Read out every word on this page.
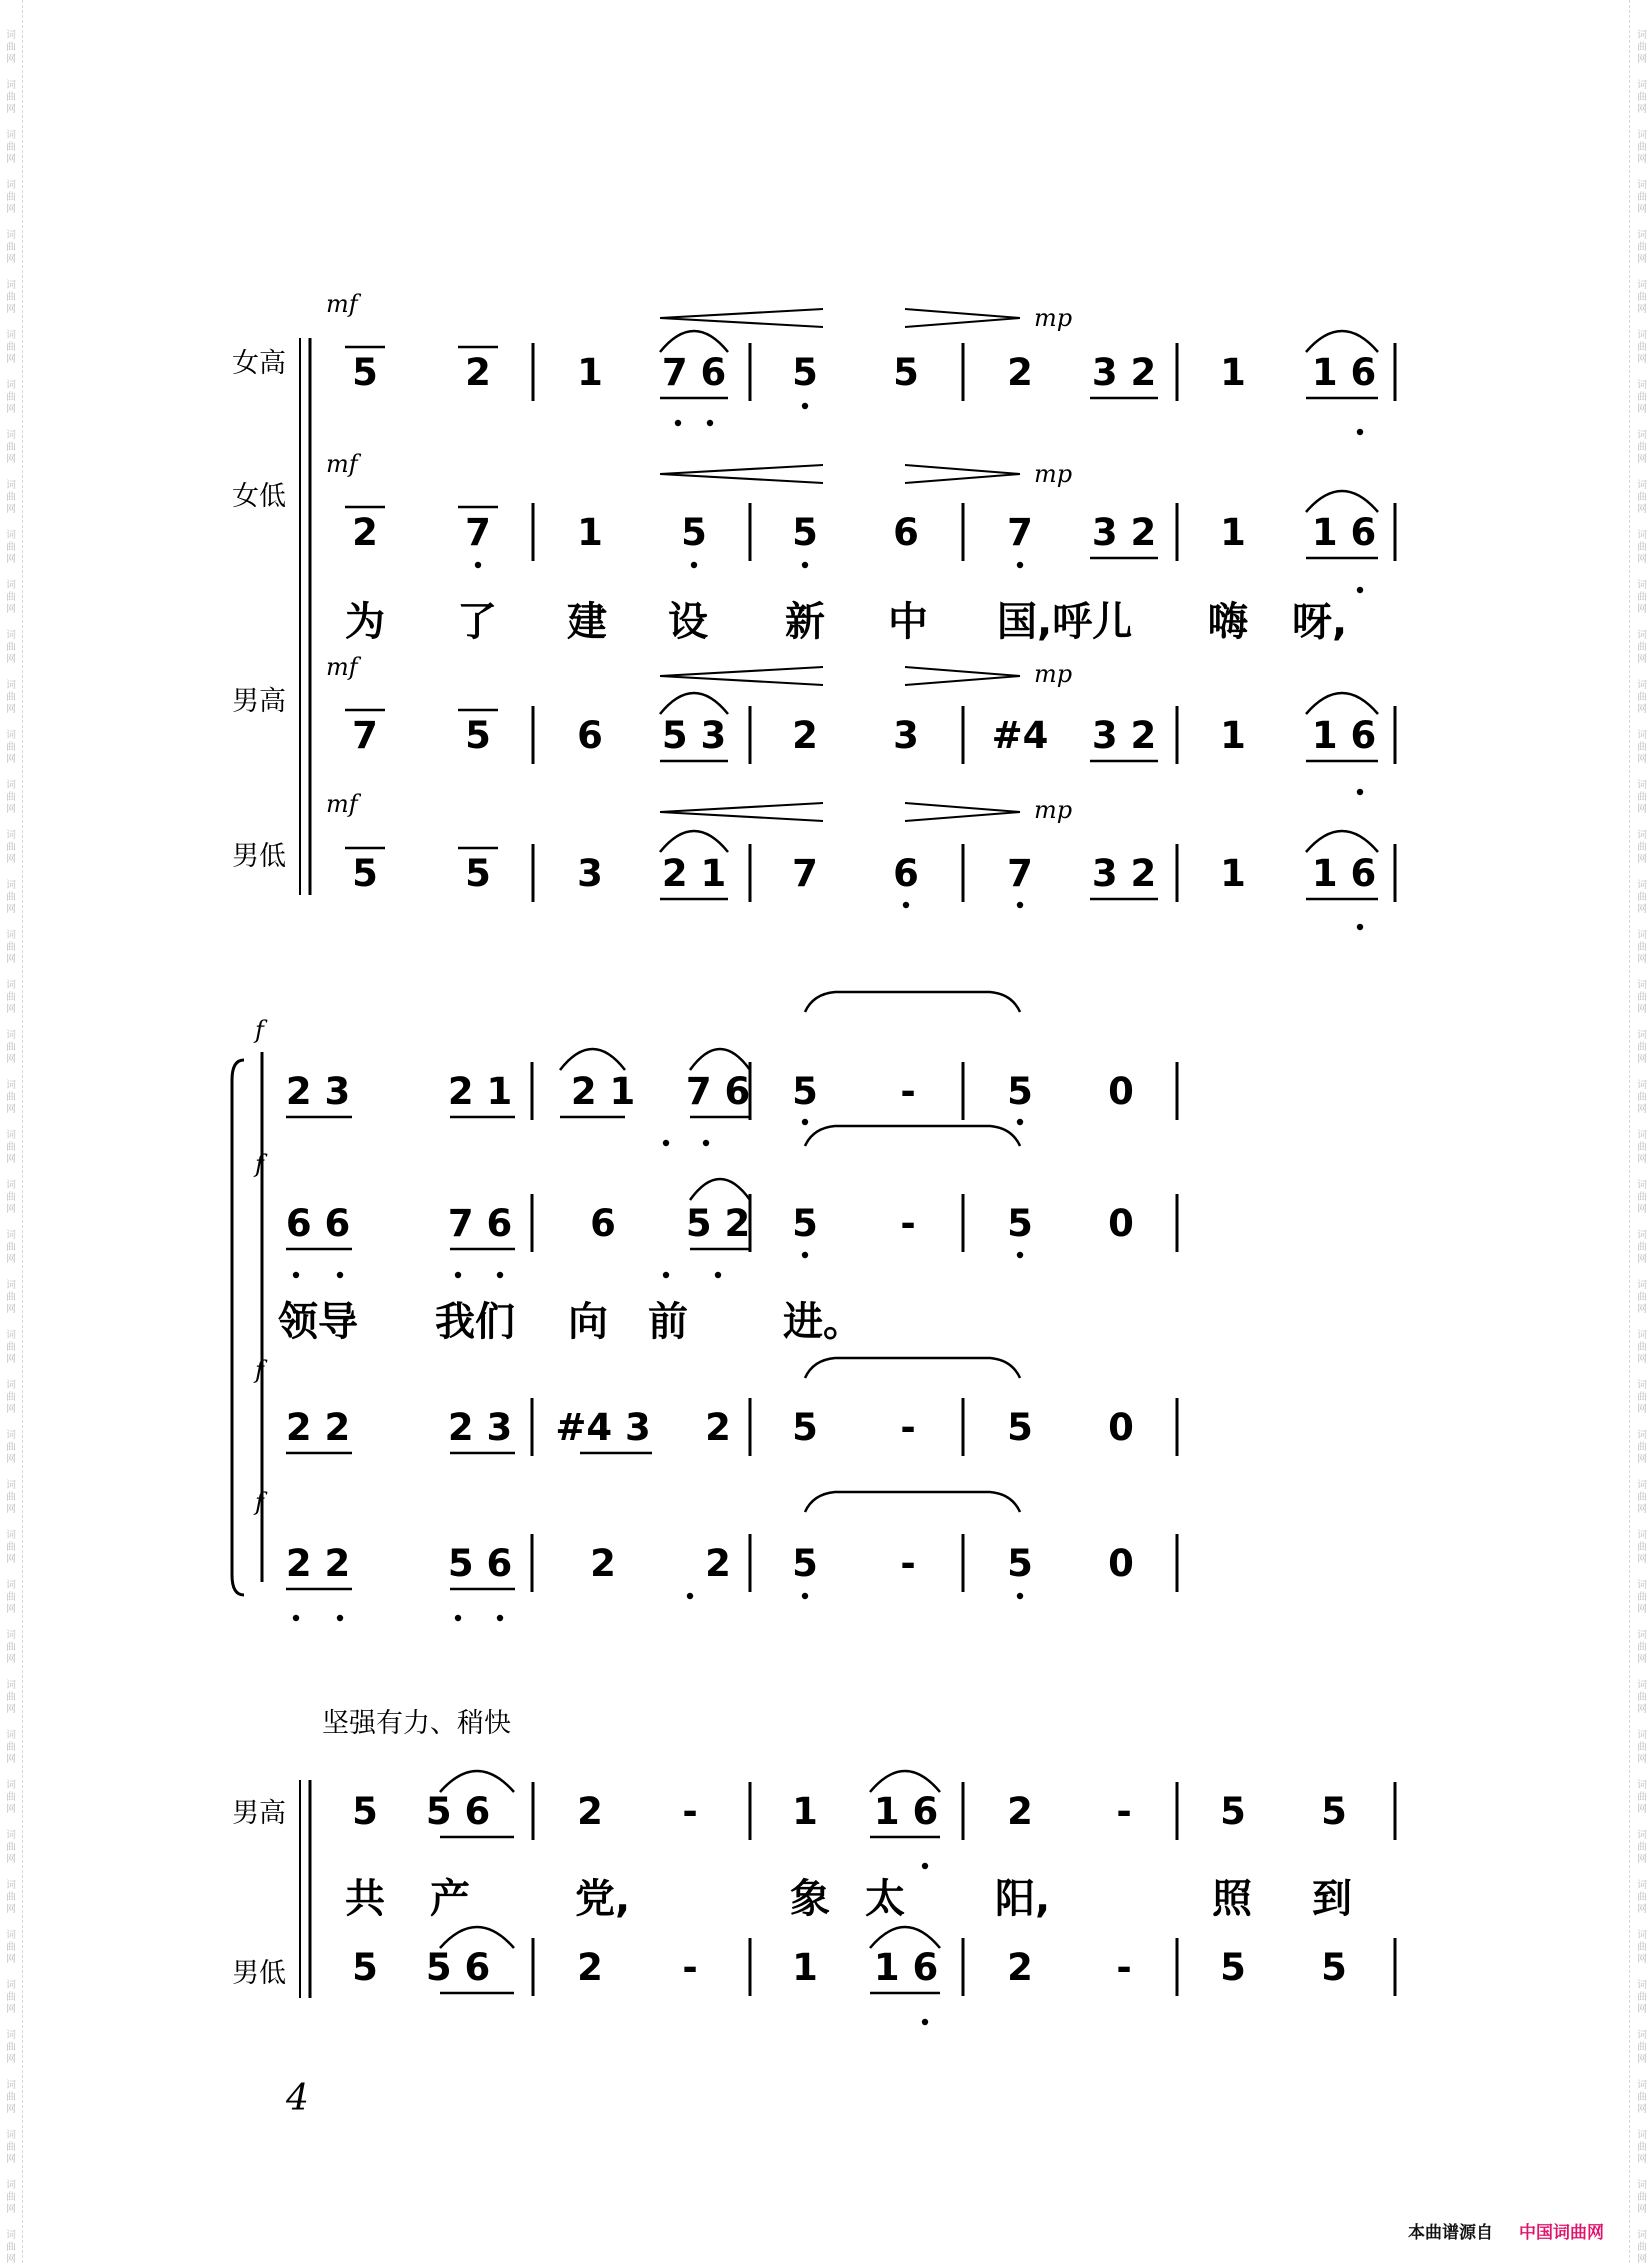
词曲网
词曲网
词曲网
词曲网
词曲网
词曲网
词曲网
词曲网
词曲网
词曲网
词曲网
词曲网
词曲网
词曲网
词曲网
词曲网
词曲网
词曲网
词曲网
词曲网
词曲网
词曲网
词曲网
词曲网
词曲网
词曲网
词曲网
词曲网
词曲网
词曲网
词曲网
词曲网
词曲网
词曲网
词曲网
词曲网
词曲网
词曲网
词曲网
词曲网
词曲网
词曲网
词曲网
词曲网
词曲网
词曲网
词曲网
词曲网
词曲网
词曲网
词曲网
词曲网
词曲网
词曲网
词曲网
词曲网
词曲网
词曲网
词曲网
词曲网
词曲网
词曲网
词曲网
词曲网
词曲网
词曲网
词曲网
词曲网
词曲网
词曲网
词曲网
词曲网
词曲网
词曲网
词曲网
词曲网
词曲网
词曲网
词曲网
词曲网
词曲网
词曲网
词曲网
词曲网
词曲网
词曲网
词曲网
词曲网
词曲网
词曲网
5 2 1 7 6 5 5 2 3 2 1 1 6
2 7 1 5 5 6 7 3 2 1 1 6
7 5 6 5 3 2 3 #4 3 2 1 1 6
5 5 3 2 1 7 6 7 3 2 1 1 6
2 3	2 1 2 1 7 6 5 - 5 0
6 6	7 6 6 5 2 5 - 5 0
2 2	2 3 #4 3 2 5 - 5 0
2 2	5 6 2 2 5 - 5 0
5 5 6 2 -	1 1 6 2 - 5 5
5 5 6 2 -	1 1 6 2 - 5 5
女高
女低
男高
男低
男高
男低
mf
mf
mf
mf
mp
mp
mp
mp
f
f
f
f
为 了 建 设 新 中 国,呼儿 嗨 呀,
领导 我们 向 前 进。
坚强有力、稍快
共 产	党,	象 太 阳,	照 到
4
本曲谱源自 中国词曲网
